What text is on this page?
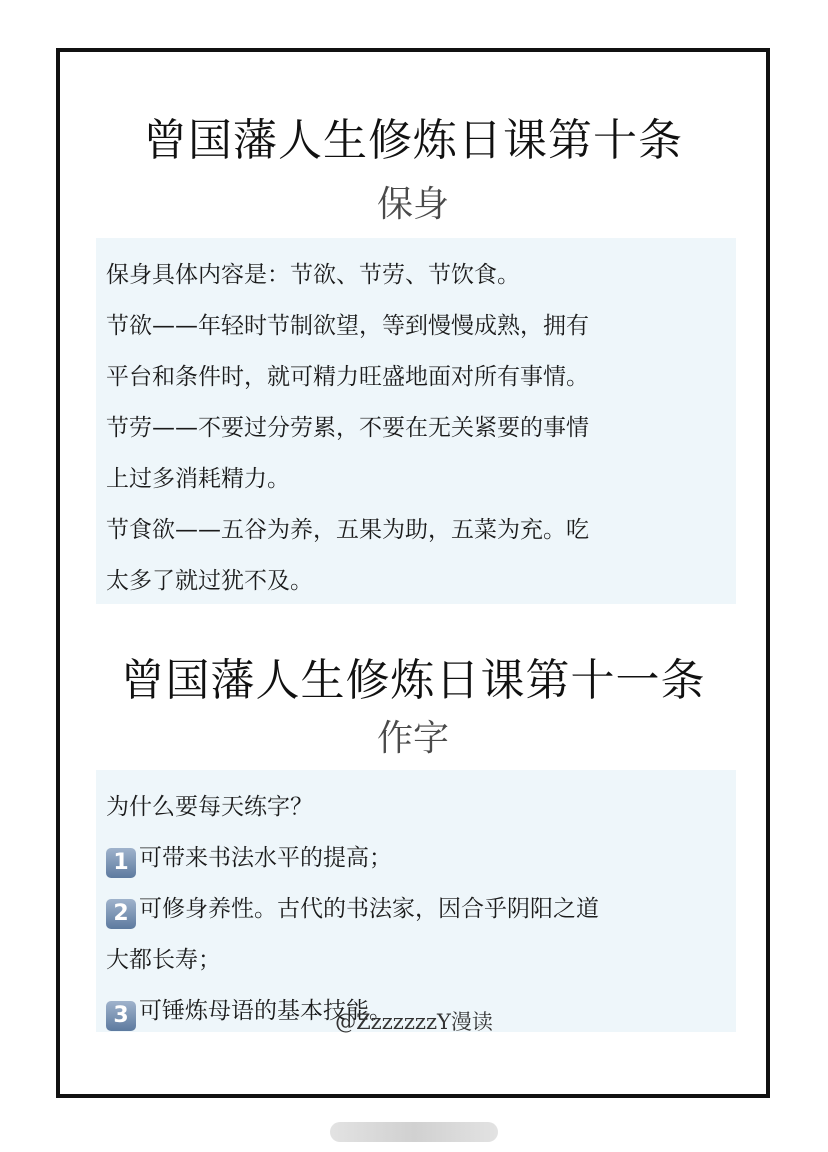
曾国藩人生修炼日课第十条
保身

保身具体内容是：节欲、节劳、节饮食。

节欲——年轻时节制欲望，等到慢慢成熟，拥有

平台和条件时，就可精力旺盛地面对所有事情。

节劳——不要过分劳累，不要在无关紧要的事情

上过多消耗精力。

节食欲——五谷为养，五果为助，五菜为充。吃

太多了就过犹不及。

曾国藩人生修炼日课第十一条
作字

为什么要每天练字？

1 可带来书法水平的提高；

2 可修身养性。古代的书法家，因合乎阴阳之道

大都长寿；

3 可锤炼母语的基本技能。

@ZzzzzzzY漫读
